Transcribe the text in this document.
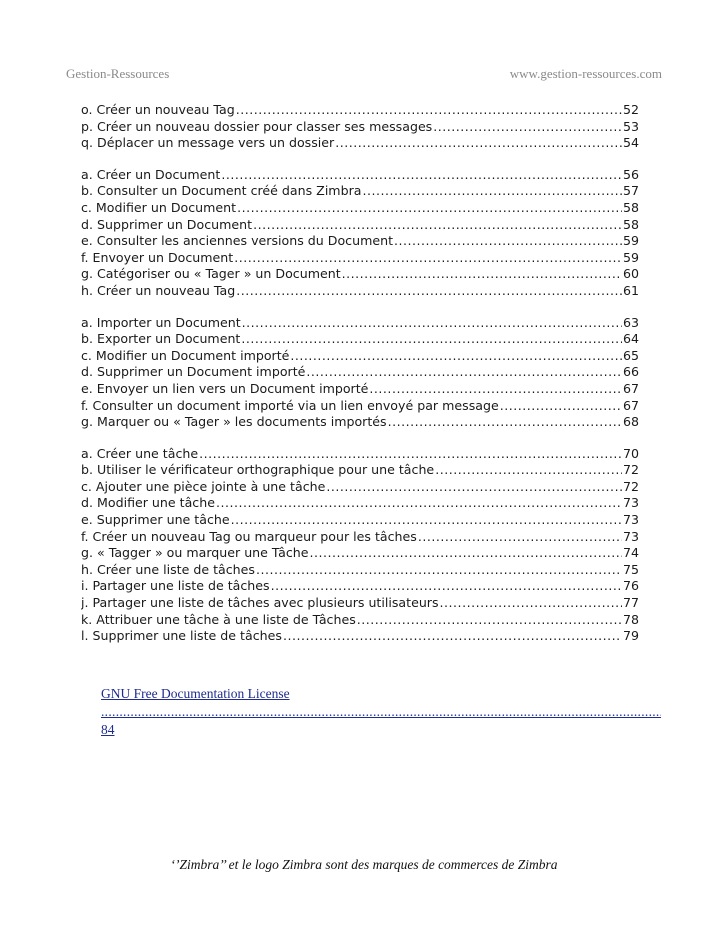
Gestion-Ressources	www.gestion-ressources.com
o. Créer un nouveau Tag .....	52
p. Créer un nouveau dossier pour classer ses messages .....	53
q. Déplacer un message vers un dossier .....	54
a. Créer un Document .....	56
b. Consulter un Document créé dans Zimbra .....	57
c. Modifier un Document .....	58
d. Supprimer un Document .....	58
e. Consulter les anciennes versions du Document .....	59
f. Envoyer un Document .....	59
g. Catégoriser ou « Tager » un Document .....	60
h. Créer un nouveau Tag .....	61
a. Importer un Document .....	63
b. Exporter un Document .....	64
c. Modifier un Document importé .....	65
d. Supprimer un Document importé .....	66
e. Envoyer un lien vers un Document importé .....	67
f. Consulter un document importé via un lien envoyé par message .....	67
g. Marquer ou « Tager » les documents importés .....	68
a. Créer une tâche .....	70
b. Utiliser le vérificateur orthographique pour une tâche .....	72
c. Ajouter une pièce jointe à une tâche .....	72
d. Modifier une tâche .....	73
e. Supprimer une tâche .....	73
f. Créer un nouveau Tag ou marqueur pour les tâches .....	73
g. « Tagger » ou marquer une Tâche .....	74
h. Créer une liste de tâches .....	75
i. Partager une liste de tâches .....	76
j. Partager une liste de tâches avec plusieurs utilisateurs .....	77
k. Attribuer une tâche à une liste de Tâches .....	78
l. Supprimer une liste de tâches .....	79
GNU Free Documentation License
.....
84
‘’Zimbra’’ et le logo Zimbra sont des marques de commerces de Zimbra
